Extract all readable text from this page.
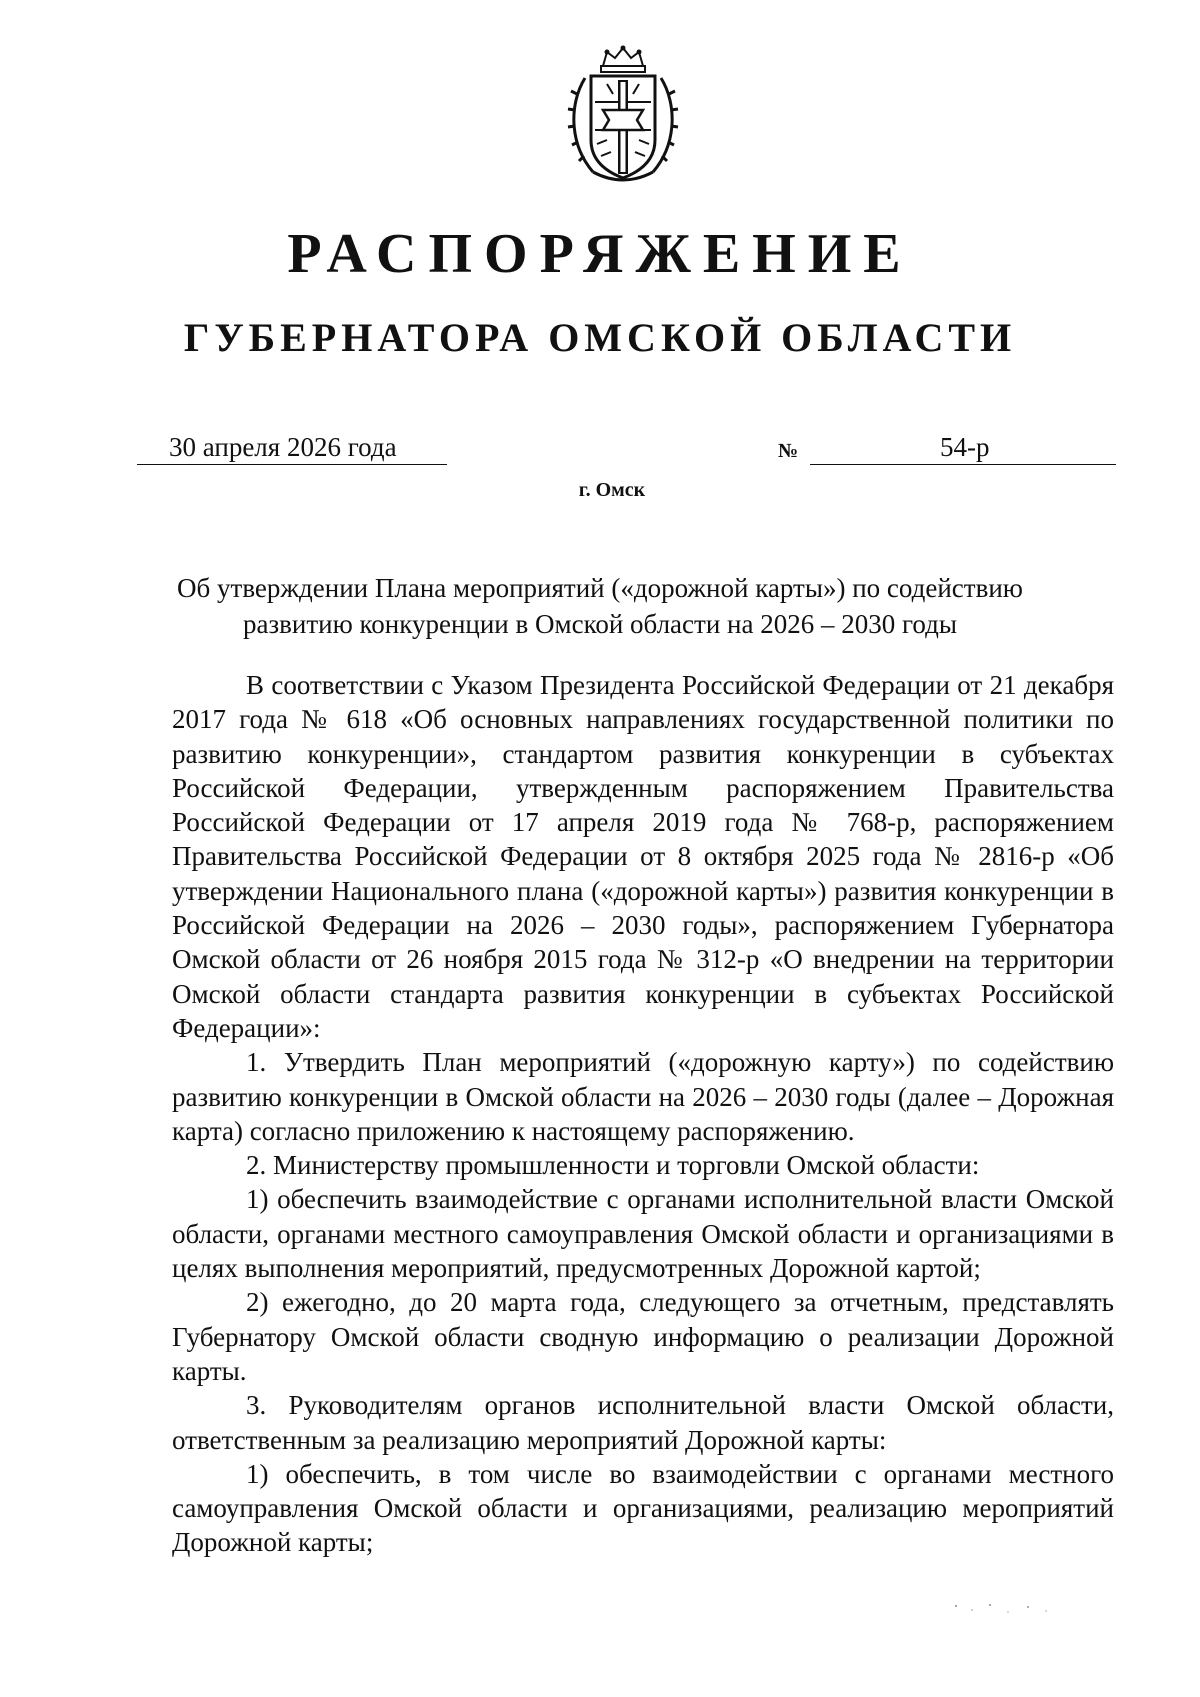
РАСПОРЯЖЕНИЕ
ГУБЕРНАТОРА ОМСКОЙ ОБЛАСТИ
30 апреля 2026 года	№	54-р
г. Омск
Об утверждении Плана мероприятий («дорожной карты») по содействию
развитию конкуренции в Омской области на 2026 – 2030 годы

В соответствии с Указом Президента Российской Федерации от 21 декабря 2017 года № 618 «Об основных направлениях государственной политики по развитию конкуренции», стандартом развития конкуренции в субъектах Российской Федерации, утвержденным распоряжением Правительства Российской Федерации от 17 апреля 2019 года № 768-р, распоряжением Правительства Российской Федерации от 8 октября 2025 года № 2816-р «Об утверждении Национального плана («дорожной карты») развития конкуренции в Российской Федерации на 2026 – 2030 годы», распоряжением Губернатора Омской области от 26 ноября 2015 года № 312-р «О внедрении на территории Омской области стандарта развития конкуренции в субъектах Российской Федерации»:

1. Утвердить План мероприятий («дорожную карту») по содействию развитию конкуренции в Омской области на 2026 – 2030 годы (далее – Дорожная карта) согласно приложению к настоящему распоряжению.

2. Министерству промышленности и торговли Омской области:

1) обеспечить взаимодействие с органами исполнительной власти Омской области, органами местного самоуправления Омской области и организациями в целях выполнения мероприятий, предусмотренных Дорожной картой;

2) ежегодно, до 20 марта года, следующего за отчетным, представлять Губернатору Омской области сводную информацию о реализации Дорожной карты.

3. Руководителям органов исполнительной власти Омской области, ответственным за реализацию мероприятий Дорожной карты:

1) обеспечить, в том числе во взаимодействии с органами местного самоуправления Омской области и организациями, реализацию мероприятий Дорожной карты;
